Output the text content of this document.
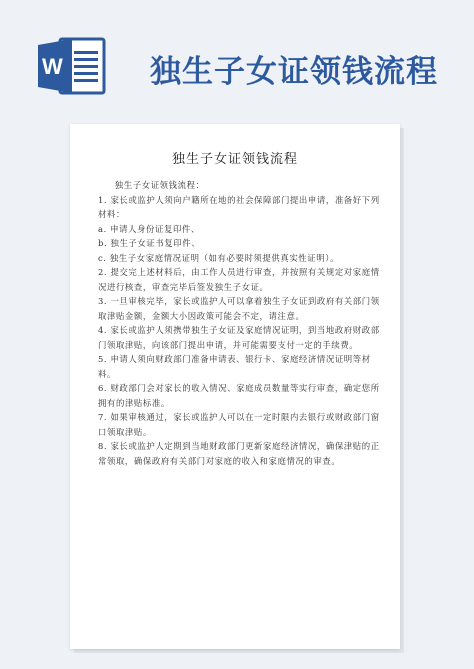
W	独生子女证领钱流程
独生子女证领钱流程

独生子女证领钱流程：

1. 家长或监护人须向户籍所在地的社会保障部门提出申请，准备好下列材料：

a. 申请人身份证复印件、

b. 独生子女证书复印件、

c. 独生子女家庭情况证明（如有必要时须提供真实性证明）。

2. 提交完上述材料后，由工作人员进行审查，并按照有关规定对家庭情况进行核查，审查完毕后签发独生子女证。

3. 一旦审核完毕，家长或监护人可以拿着独生子女证到政府有关部门领取津贴金额，金额大小因政策可能会不定，请注意。

4. 家长或监护人须携带独生子女证及家庭情况证明，到当地政府财政部门领取津贴，向该部门提出申请，并可能需要支付一定的手续费。

5. 申请人须向财政部门准备申请表、银行卡、家庭经济情况证明等材料。

6. 财政部门会对家长的收入情况、家庭成员数量等实行审查，确定您所拥有的津贴标准。

7. 如果审核通过，家长或监护人可以在一定时限内去银行或财政部门窗口领取津贴。

8. 家长或监护人定期到当地财政部门更新家庭经济情况，确保津贴的正常领取，确保政府有关部门对家庭的收入和家庭情况的审查。
